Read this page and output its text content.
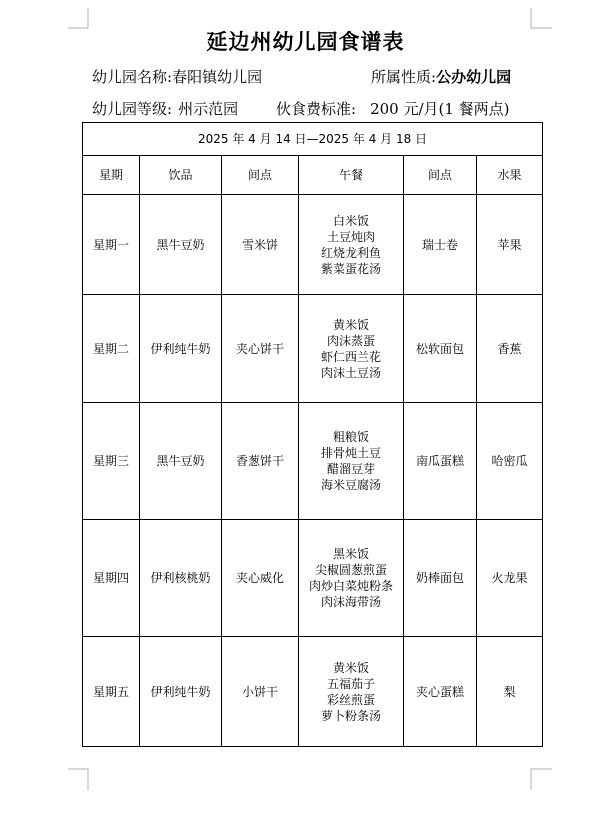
延边州幼儿园食谱表
幼儿园名称:春阳镇幼儿园	所属性质:公办幼儿园
幼儿园等级: 州示范园	伙食费标准: 200 元/月(1 餐两点)
2025 年 4 月 14 日—2025 年 4 月 18 日					
星期	饮品	间点	午餐	间点	水果
星期一	黑牛豆奶	雪米饼	白米饭
土豆炖肉
红烧龙利鱼
紫菜蛋花汤	瑞士卷	苹果
星期二	伊利纯牛奶	夹心饼干	黄米饭
肉沫蒸蛋
虾仁西兰花
肉沫土豆汤	松软面包	香蕉
星期三	黑牛豆奶	香葱饼干	粗粮饭
排骨炖土豆
醋溜豆芽
海米豆腐汤	南瓜蛋糕	哈密瓜
星期四	伊利核桃奶	夹心威化	黑米饭
尖椒圆葱煎蛋
肉炒白菜炖粉条
肉沫海带汤	奶棒面包	火龙果
星期五	伊利纯牛奶	小饼干	黄米饭
五福茄子
彩丝煎蛋
萝卜粉条汤	夹心蛋糕	梨
